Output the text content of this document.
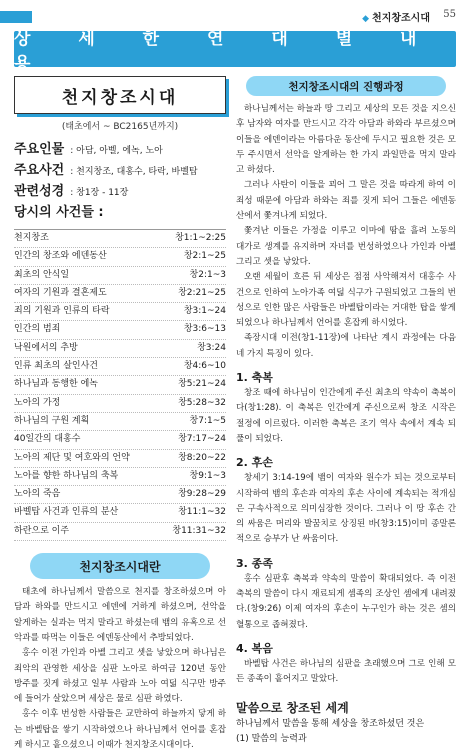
◆ 천지창조시대 55
상 세 한 연 대 별 내 용
천지창조시대
(태초에서 ~ BC2165년까지)
주요인물 : 아담, 아벨, 에녹, 노아
주요사건 : 천지창조, 대홍수, 타락, 바벨탑
관련성경 : 창1장 - 11장
당시의 사건들 :
천지창조	창1:1~2:25
인간의 창조와 에덴동산	창2:1~25
최초의 안식일	창2:1~3
여자의 기원과 결혼제도	창2:21~25
죄의 기원과 인류의 타락	창3:1~24
인간의 범죄	창3:6~13
낙원에서의 추방	창3:24
인류 최초의 살인사건	창4:6~10
하나님과 동행한 에녹	창5:21~24
노아의 가정	창5:28~32
하나님의 구원 계획	창7:1~5
40일간의 대홍수	창7:17~24
노아의 제단 및 여호와의 언약	창8:20~22
노아를 향한 하나님의 축복	창9:1~3
노아의 죽음	창9:28~29
바벨탑 사건과 인류의 분산	창11:1~32
하란으로 이주	창11:31~32
천지창조시대란

태초에 하나님께서 말씀으로 천지를 창조하셨으며 아담과 하와를 만드시고 에덴에 거하게 하셨으며, 선악을 알게하는 실과는 먹지 말라고 하셨는데 뱀의 유혹으로 선악과를 따먹는 이들은 에덴동산에서 추방되었다.

홍수 이전 가인과 아벨 그리고 셋을 낳았으며 하나님은 죄악의 관영한 세상을 심판 노아로 하여금 120년 동안 방주를 짓게 하셨고 일부 사람과 노아 여덟 식구만 방주에 들어가 살았으며 세상은 물로 심판 하였다.

홍수 이후 번성한 사람들은 교만하여 하늘까지 닿게 하는 바벨탑을 쌓기 시작하였으나 하나님께서 언어를 혼잡케 하시고 흩으셨으니 이때가 천지창조시대이다.

천지창조시대의 진행과정

하나님께서는 하늘과 땅 그리고 세상의 모든 것을 지으신 후 남자와 여자를 만드시고 각각 아담과 하와라 부르셨으며 이들을 에덴이라는 아름다운 동산에 두시고 필요한 것은 모두 주시면서 선악을 알게하는 한 가지 과일만을 먹지 말라고 하셨다.

그러나 사탄이 이들을 꾀어 그 말은 것을 따라게 하여 이 죄성 때문에 아담과 하와는 죄를 짓게 되어 그들은 에덴동산에서 쫓겨나게 되었다.

쫓겨난 이들은 가정을 이루고 이마에 땀을 흘려 노동의 대가로 생계를 유지하며 자녀를 번성하였으나 가인과 아벨 그리고 셋을 낳았다.

오랜 세월이 흐른 뒤 세상은 점점 사악해져서 대홍수 사건으로 인하여 노아가족 여덟 식구가 구원되었고 그들의 번성으로 인한 많은 사람들은 바벨탑이라는 거대한 탑을 쌓게 되었으나 하나님께서 언어를 혼잡케 하시었다.

족장시대 이전(창1-11장)에 나타난 계시 과정에는 다음 네 가지 특징이 있다.

1. 축복

창조 때에 하나님이 인간에게 주신 최초의 약속이 축복이다(창1:28). 이 축복은 인간에게 주신으로써 창조 시작은 절정에 이르렀다. 이러한 축복은 조기 역사 속에서 계속 되풀이 되었다.

2. 후손

창세기 3:14-19에 뱀이 여자와 원수가 되는 것으로부터 시작하여 뱀의 후손과 여자의 후손 사이에 계속되는 적개심은 구속사적으로 의미심장한 것이다. 그러나 이 땅 후손 간의 싸움은 머리와 발꿈치로 상징된 바(창3:15)이미 종말론적으로 승부가 난 싸움이다.

3. 종족

홍수 심판후 축복과 약속의 말씀이 확대되었다. 즉 이전 축복의 말씀이 다시 재료되게 셈족의 조상인 셈에게 내려졌다.(창9:26) 이제 여자의 후손이 누구인가 하는 것은 셈의 혈통으로 좁혀졌다.

4. 복음

바벨탑 사건은 하나님의 심판을 초래했으며 그로 인해 모든 종족이 흩어지고 말았다.

말씀으로 창조된 세계
하나님께서 말씀을 통해 세상을 창조하셨던 것은
(1) 말씀의 능력과
